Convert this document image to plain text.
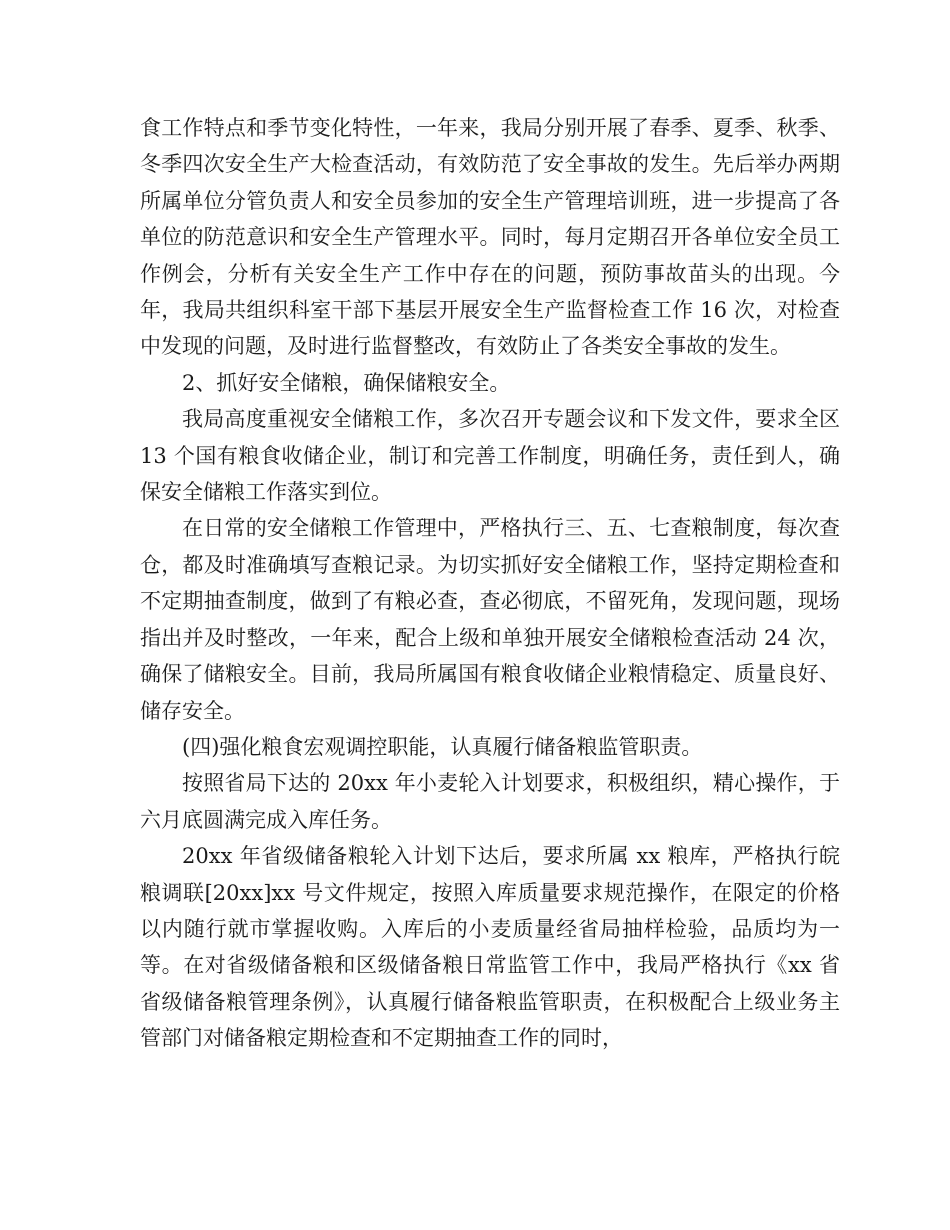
食工作特点和季节变化特性，一年来，我局分别开展了春季、夏季、秋季、冬季四次安全生产大检查活动，有效防范了安全事故的发生。先后举办两期所属单位分管负责人和安全员参加的安全生产管理培训班，进一步提高了各单位的防范意识和安全生产管理水平。同时，每月定期召开各单位安全员工作例会，分析有关安全生产工作中存在的问题，预防事故苗头的出现。今年，我局共组织科室干部下基层开展安全生产监督检查工作 16 次，对检查中发现的问题，及时进行监督整改，有效防止了各类安全事故的发生。

2、抓好安全储粮，确保储粮安全。

我局高度重视安全储粮工作，多次召开专题会议和下发文件，要求全区 13 个国有粮食收储企业，制订和完善工作制度，明确任务，责任到人，确保安全储粮工作落实到位。

在日常的安全储粮工作管理中，严格执行三、五、七查粮制度，每次查仓，都及时准确填写查粮记录。为切实抓好安全储粮工作，坚持定期检查和不定期抽查制度，做到了有粮必查，查必彻底，不留死角，发现问题，现场指出并及时整改，一年来，配合上级和单独开展安全储粮检查活动 24 次，确保了储粮安全。目前，我局所属国有粮食收储企业粮情稳定、质量良好、储存安全。

(四)强化粮食宏观调控职能，认真履行储备粮监管职责。

按照省局下达的 20xx 年小麦轮入计划要求，积极组织，精心操作，于六月底圆满完成入库任务。

20xx 年省级储备粮轮入计划下达后，要求所属 xx 粮库，严格执行皖粮调联[20xx]xx 号文件规定，按照入库质量要求规范操作，在限定的价格以内随行就市掌握收购。入库后的小麦质量经省局抽样检验，品质均为一等。在对省级储备粮和区级储备粮日常监管工作中，我局严格执行《xx 省省级储备粮管理条例》，认真履行储备粮监管职责，在积极配合上级业务主管部门对储备粮定期检查和不定期抽查工作的同时，
